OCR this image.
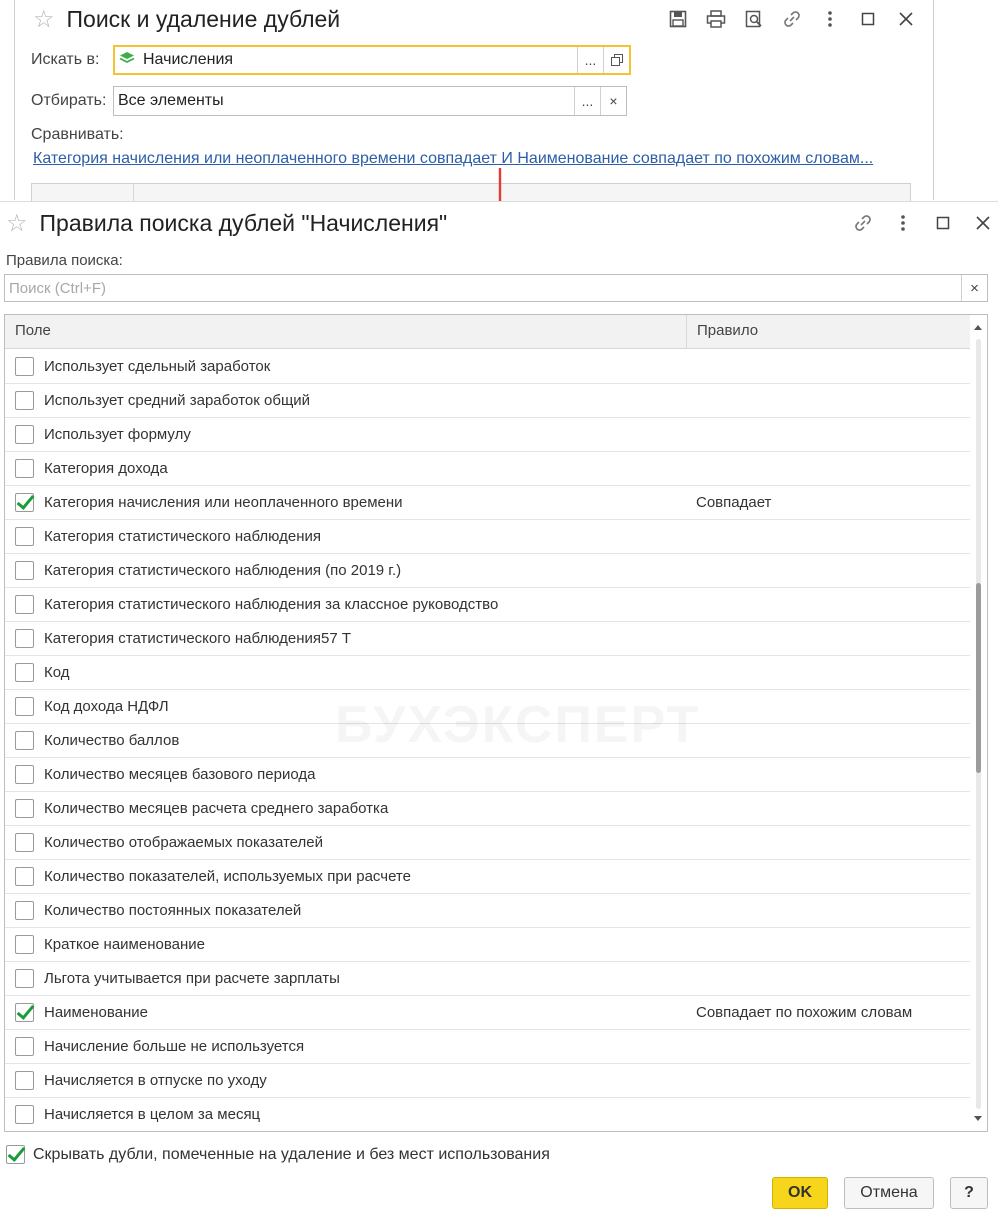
☆ Поиск и удаление дублей
Искать в:	Начисления	...
Отбирать: Все элементы	...	×
Сравнивать:
Категория начисления или неоплаченного времени совпадает И Наименование совпадает по похожим словам...
☆ Правила поиска дублей "Начисления"
Правила поиска:
Поиск (Ctrl+F)
×
Поле	Правило
Использует сдельный заработок
Использует средний заработок общий
Использует формулу
Категория дохода
Категория начисления или неоплаченного времени	Совпадает
Категория статистического наблюдения
Категория статистического наблюдения (по 2019 г.)
Категория статистического наблюдения за классное руководство
Категория статистического наблюдения57 Т
Код
Код дохода НДФЛ
Количество баллов
Количество месяцев базового периода
Количество месяцев расчета среднего заработка
Количество отображаемых показателей
Количество показателей, используемых при расчете
Количество постоянных показателей
Краткое наименование
Льгота учитывается при расчете зарплаты
Наименование	Совпадает по похожим словам
Начисление больше не используется
Начисляется в отпуске по уходу
Начисляется в целом за месяц
Скрывать дубли, помеченные на удаление и без мест использования
OK	Отмена	?
